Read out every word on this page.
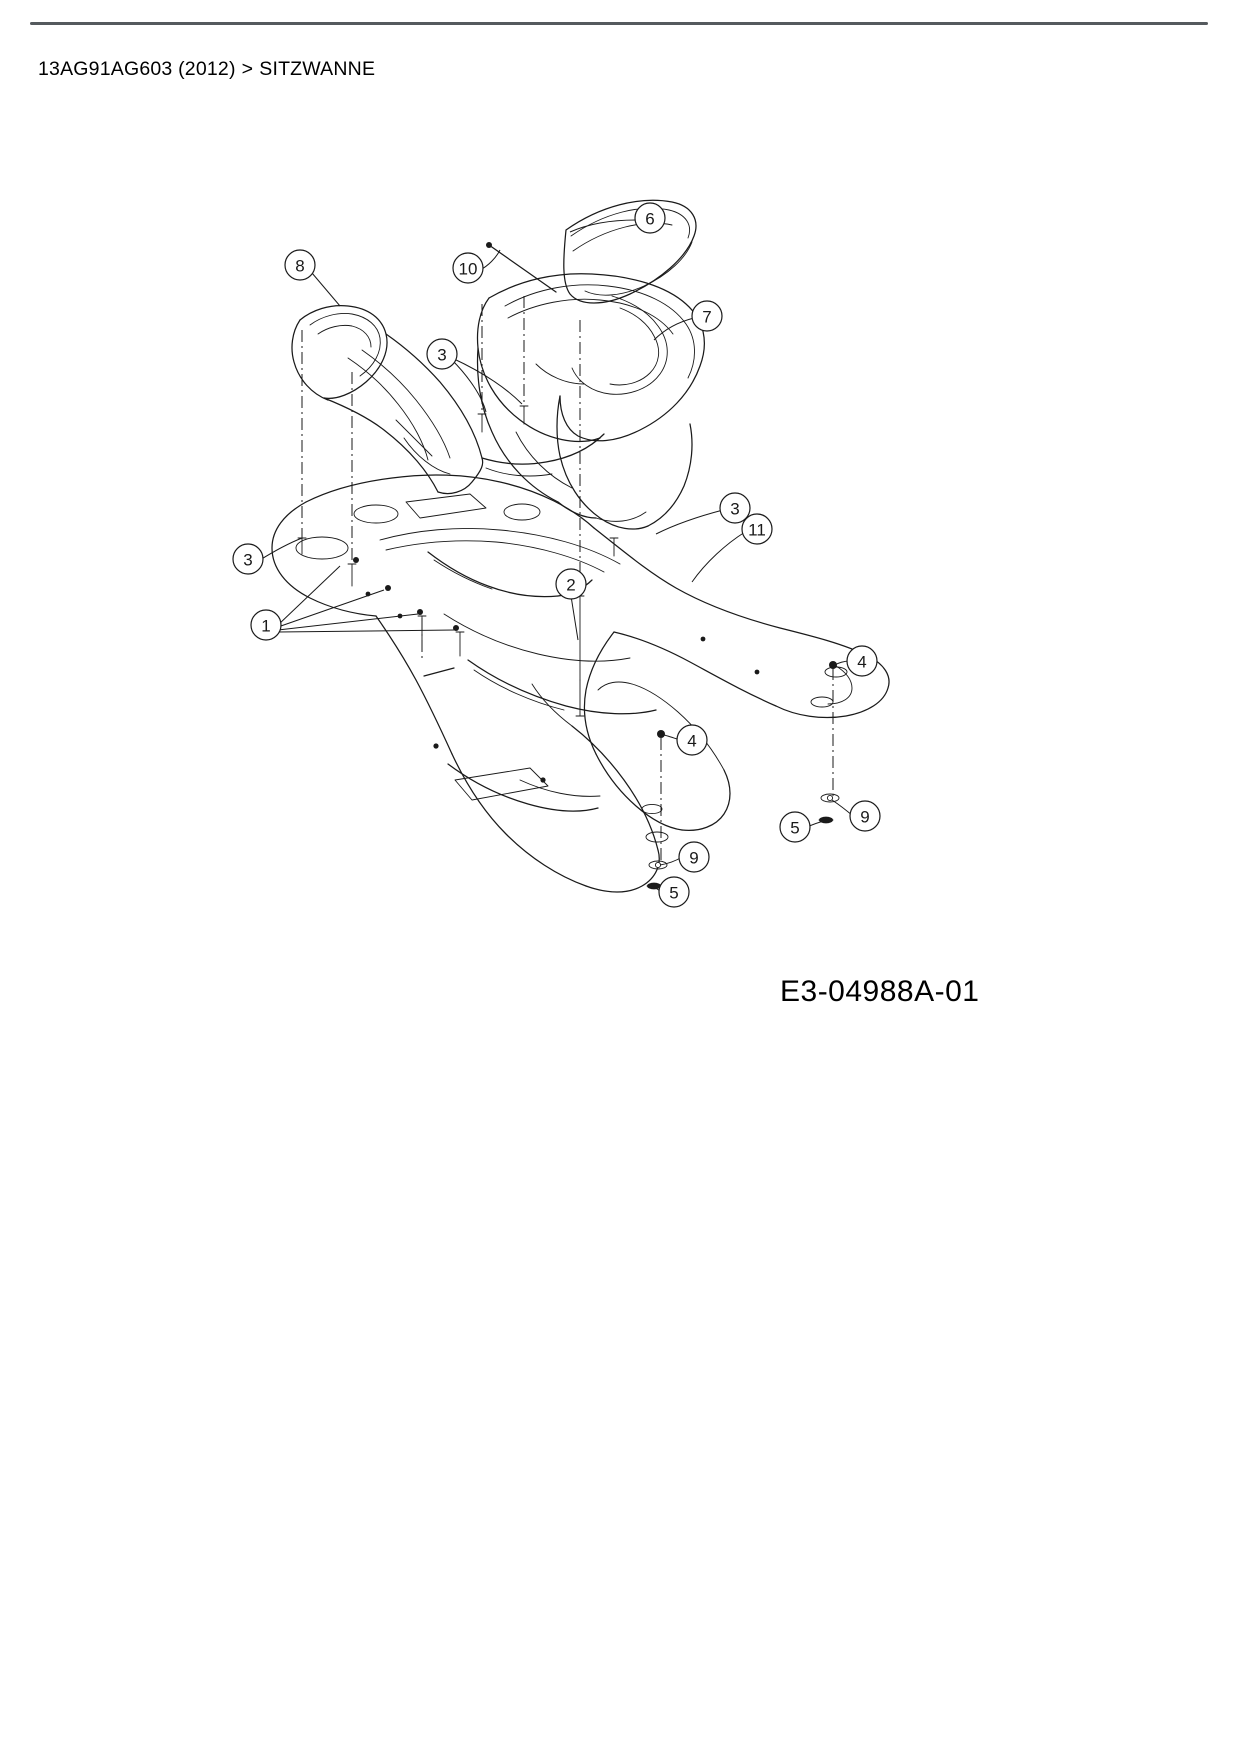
13AG91AG603 (2012) > SITZWANNE
8
6
10
7
3
3
11
3
2
1
4
4
9
5
9
5
E3-04988A-01
